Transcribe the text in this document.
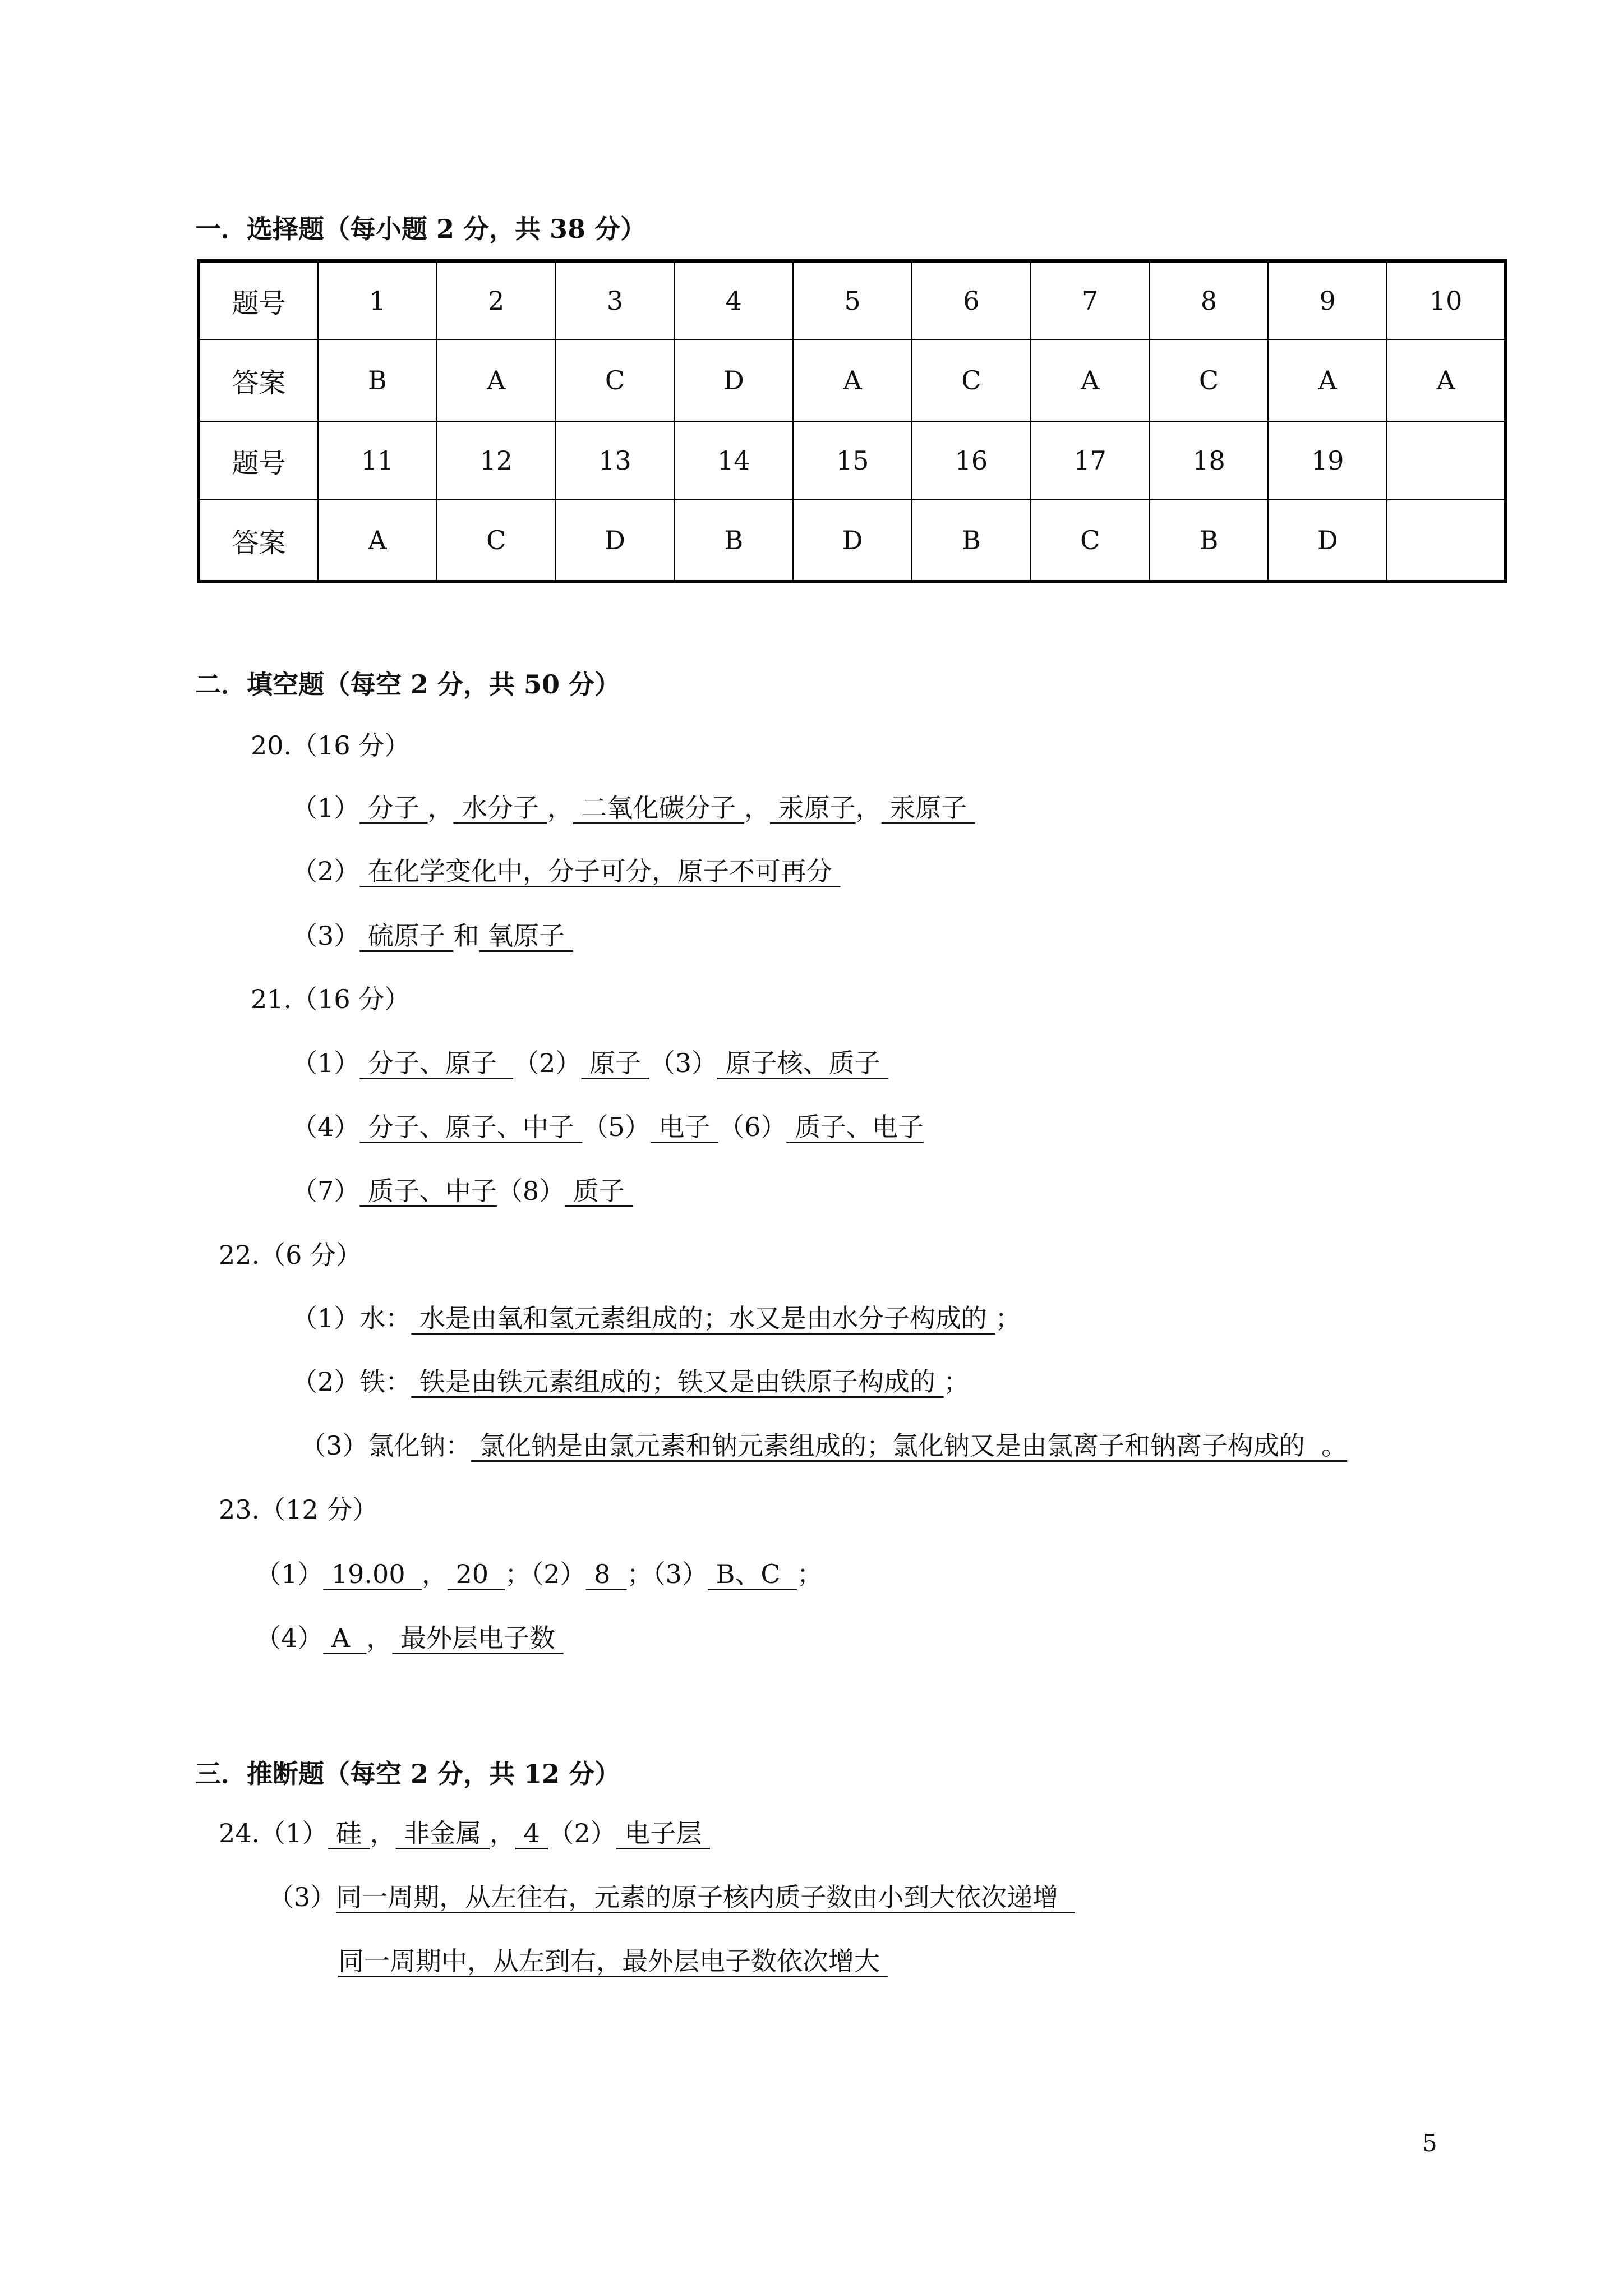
一．选择题（每小题 2 分，共 38 分）
题号	1	2	3	4	5	6	7	8	9	10
答案	B	A	C	D	A	C	A	C	A	A
题号	11	12	13	14	15	16	17	18	19	
答案	A	C	D	B	D	B	C	B	D	
二．填空题（每空 2 分，共 50 分）
20.（16 分）
（1） 分子 ， 水分子 ， 二氧化碳分子 ， 汞原子， 汞原子
（2） 在化学变化中，分子可分，原子不可再分
（3） 硫原子 和 氧原子
21.（16 分）
（1） 分子、原子  （2） 原子 （3） 原子核、质子
（4） 分子、原子、中子 （5） 电子 （6） 质子、电子
（7） 质子、中子（8） 质子
22.（6 分）
（1）水： 水是由氧和氢元素组成的；水又是由水分子构成的 ；
（2）铁： 铁是由铁元素组成的；铁又是由铁原子构成的 ；
（3）氯化钠： 氯化钠是由氯元素和钠元素组成的；氯化钠又是由氯离子和钠离子构成的  。
23.（12 分）
（1） 19.00  ， 20  ；（2） 8  ；（3） B、C  ；
（4） A  ， 最外层电子数
三．推断题（每空 2 分，共 12 分）
24.（1） 硅 ， 非金属 ， 4 （2） 电子层
（3）同一周期，从左往右，元素的原子核内质子数由小到大依次递增
同一周期中，从左到右，最外层电子数依次增大
5
